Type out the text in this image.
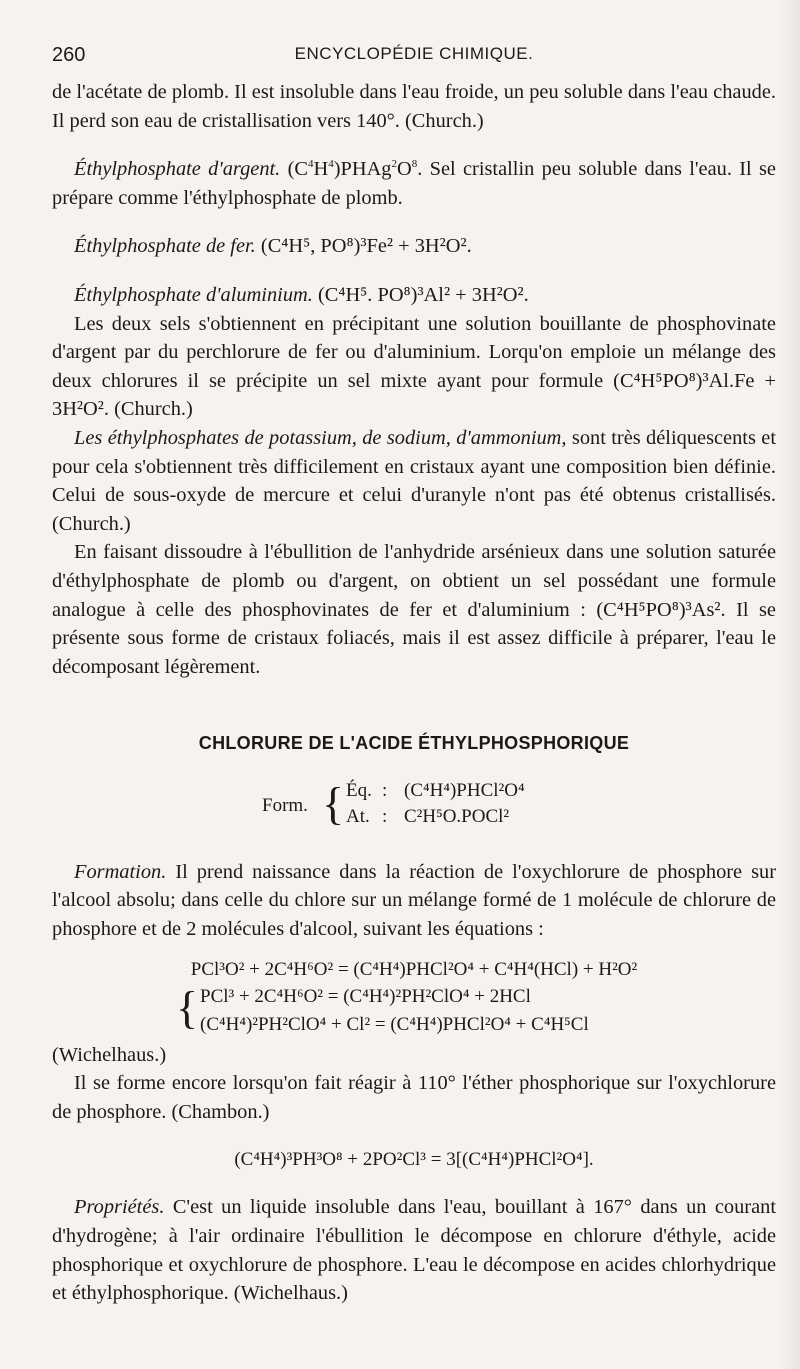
260	ENCYCLOPÉDIE CHIMIQUE.

de l'acétate de plomb. Il est insoluble dans l'eau froide, un peu soluble dans l'eau chaude. Il perd son eau de cristallisation vers 140°. (Church.)

Éthylphosphate d'argent. $(C^4H^4)PHAg^2O^8$. Sel cristallin peu soluble dans l'eau. Il se prépare comme l'éthylphosphate de plomb.

Éthylphosphate de fer. (C⁴H⁵, PO⁸)³Fe² + 3H²O².

Éthylphosphate d'aluminium. (C⁴H⁵. PO⁸)³Al² + 3H²O².

Les deux sels s'obtiennent en précipitant une solution bouillante de phosphovinate d'argent par du perchlorure de fer ou d'aluminium. Lorqu'on emploie un mélange des deux chlorures il se précipite un sel mixte ayant pour formule (C⁴H⁵PO⁸)³Al.Fe + 3H²O². (Church.)

Les éthylphosphates de potassium, de sodium, d'ammonium, sont très déliquescents et pour cela s'obtiennent très difficilement en cristaux ayant une composition bien définie. Celui de sous-oxyde de mercure et celui d'uranyle n'ont pas été obtenus cristallisés. (Church.)

En faisant dissoudre à l'ébullition de l'anhydride arsénieux dans une solution saturée d'éthylphosphate de plomb ou d'argent, on obtient un sel possédant une formule analogue à celle des phosphovinates de fer et d'aluminium : (C⁴H⁵PO⁸)³As². Il se présente sous forme de cristaux foliacés, mais il est assez difficile à préparer, l'eau le décomposant légèrement.

CHLORURE DE L'ACIDE ÉTHYLPHOSPHORIQUE
Form. { Éq. : (C⁴H⁴)PHCl²O⁴
At. : C²H⁵O.POCl²

Formation. Il prend naissance dans la réaction de l'oxychlorure de phosphore sur l'alcool absolu; dans celle du chlore sur un mélange formé de 1 molécule de chlorure de phosphore et de 2 molécules d'alcool, suivant les équations :

PCl³O² + 2C⁴H⁶O² = (C⁴H⁴)PHCl²O⁴ + C⁴H⁴(HCl) + H²O²
{ PCl³ + 2C⁴H⁶O² = (C⁴H⁴)²PH²ClO⁴ + 2HCl
(C⁴H⁴)²PH²ClO⁴ + Cl² = (C⁴H⁴)PHCl²O⁴ + C⁴H⁵Cl

(Wichelhaus.)

Il se forme encore lorsqu'on fait réagir à 110° l'éther phosphorique sur l'oxychlorure de phosphore. (Chambon.)

(C⁴H⁴)³PH³O⁸ + 2PO²Cl³ = 3[(C⁴H⁴)PHCl²O⁴].

Propriétés. C'est un liquide insoluble dans l'eau, bouillant à 167° dans un courant d'hydrogène; à l'air ordinaire l'ébullition le décompose en chlorure d'éthyle, acide phosphorique et oxychlorure de phosphore. L'eau le décompose en acides chlorhydrique et éthylphosphorique. (Wichelhaus.)
